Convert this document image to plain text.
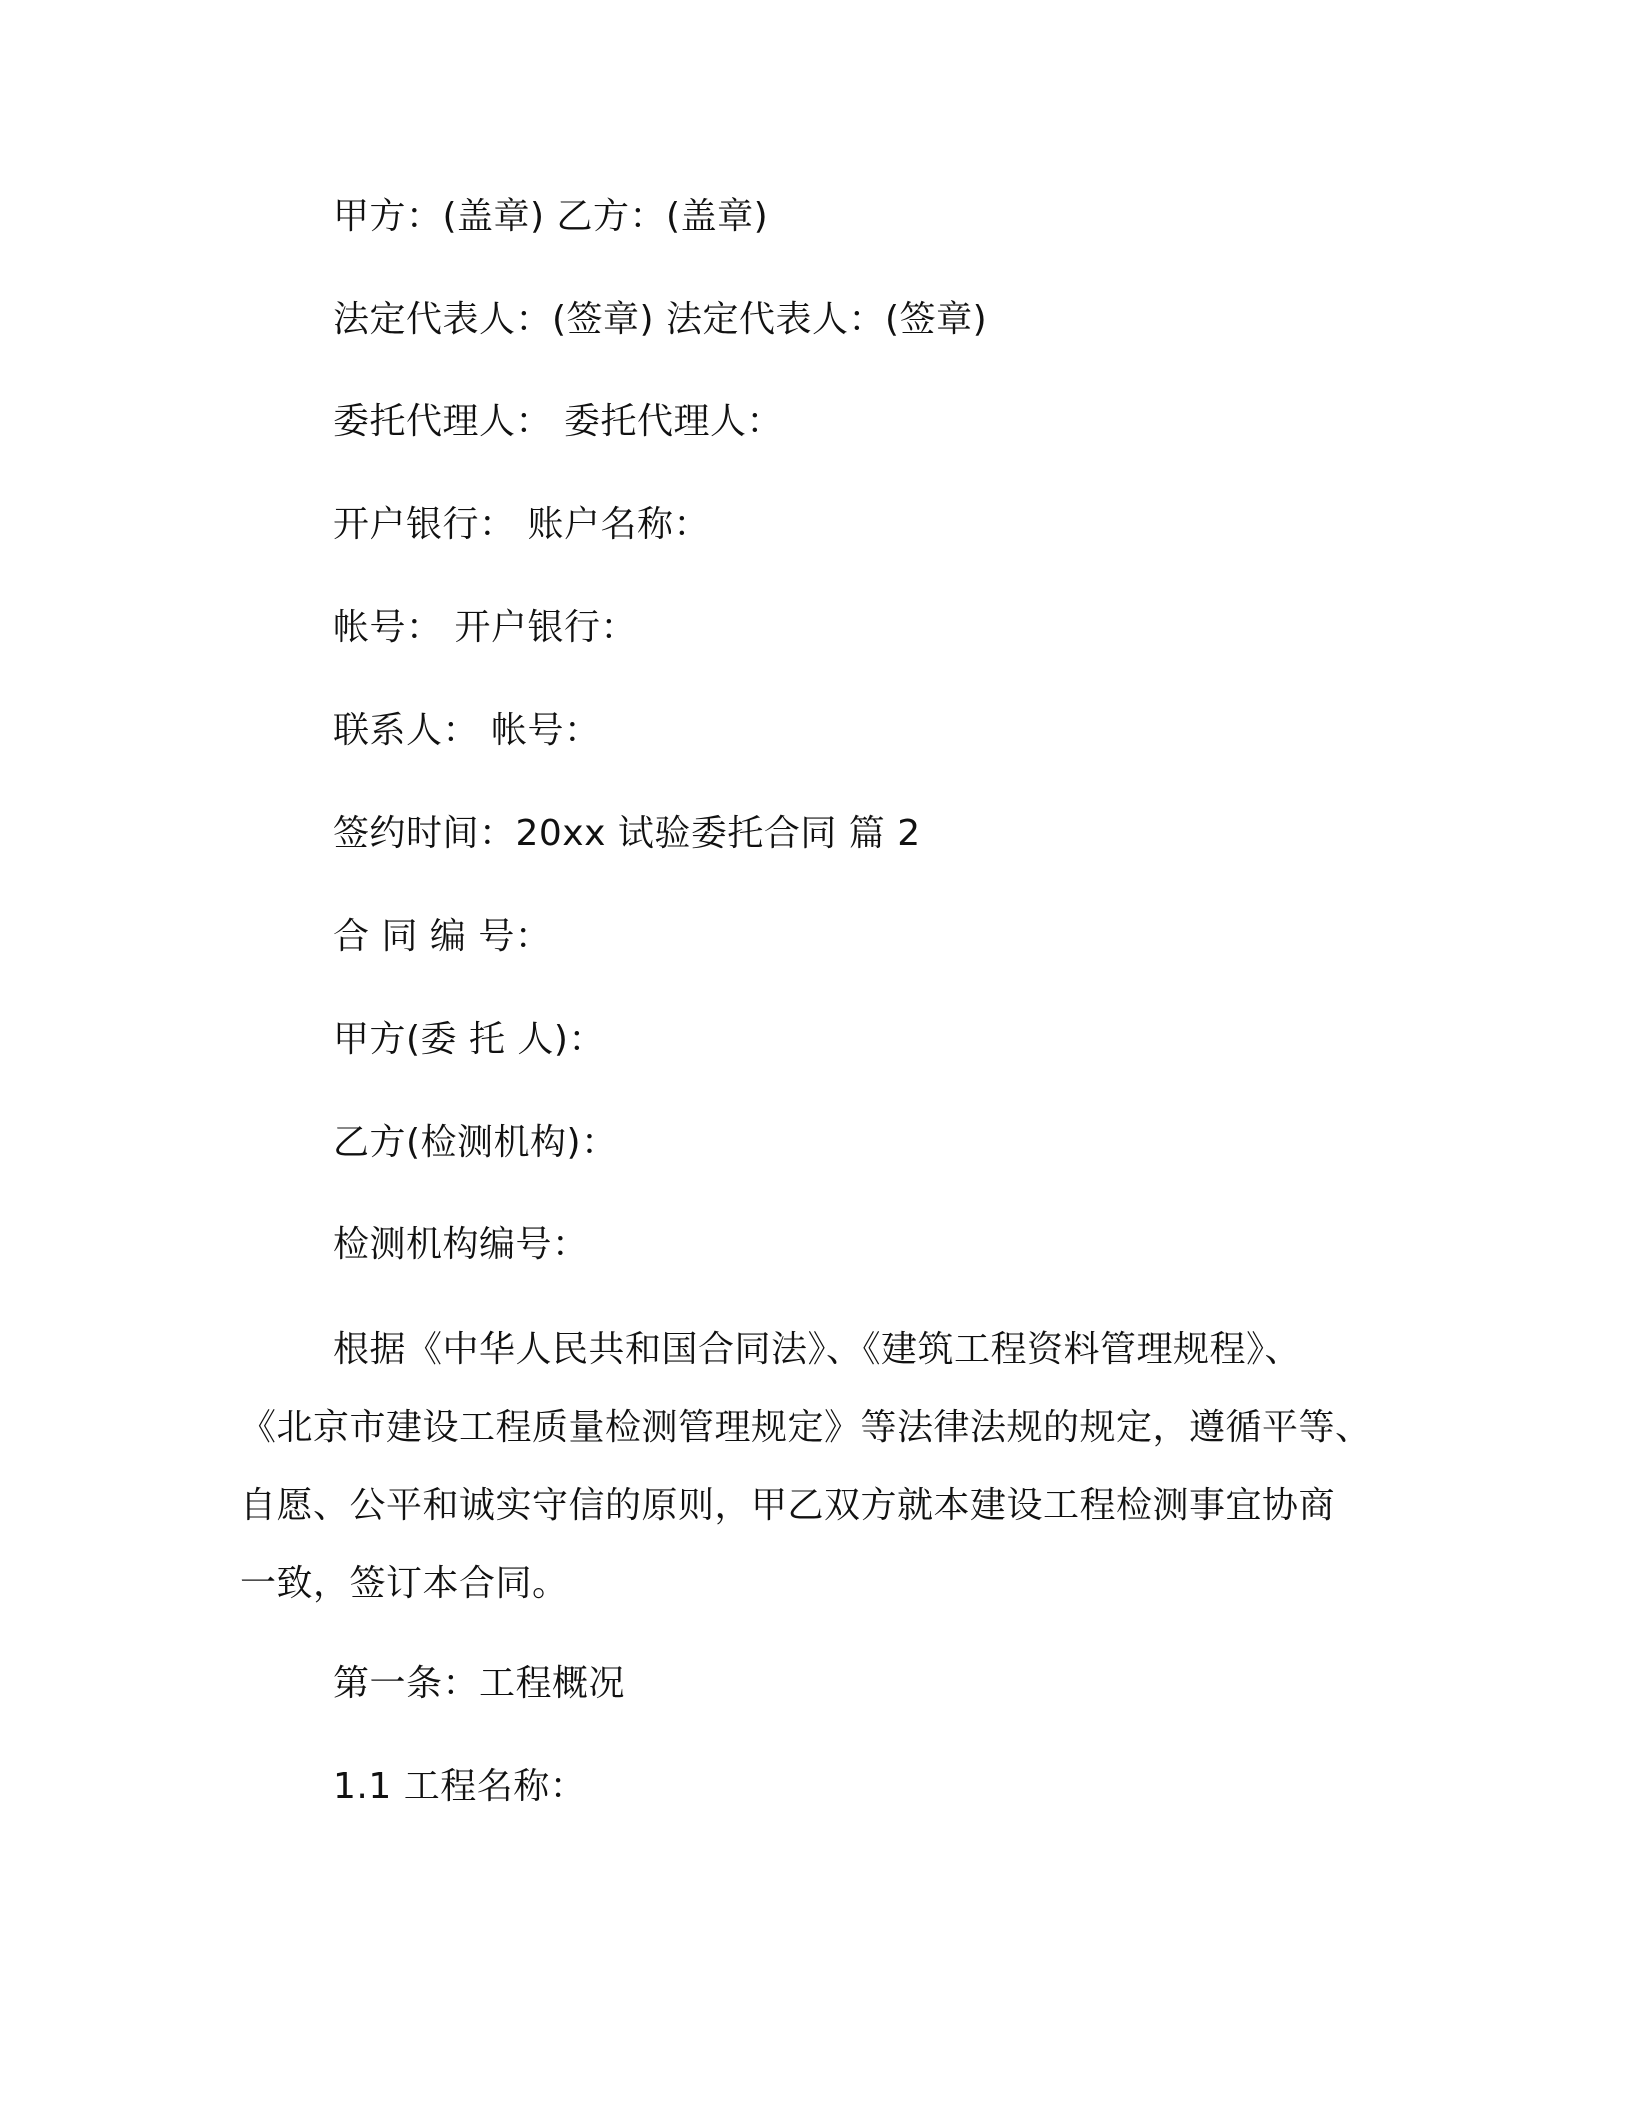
甲方：(盖章) 乙方：(盖章)
法定代表人：(签章) 法定代表人：(签章)
委托代理人： 委托代理人：
开户银行： 账户名称：
帐号： 开户银行：
联系人： 帐号：
签约时间：20xx 试验委托合同 篇 2
合 同 编 号：
甲方(委 托 人)：
乙方(检测机构)：
检测机构编号：
根据《中华人民共和国合同法》、《建筑工程资料管理规程》、
《北京市建设工程质量检测管理规定》等法律法规的规定，遵循平等、
自愿、公平和诚实守信的原则，甲乙双方就本建设工程检测事宜协商
一致，签订本合同。
第一条：工程概况
1.1 工程名称：
